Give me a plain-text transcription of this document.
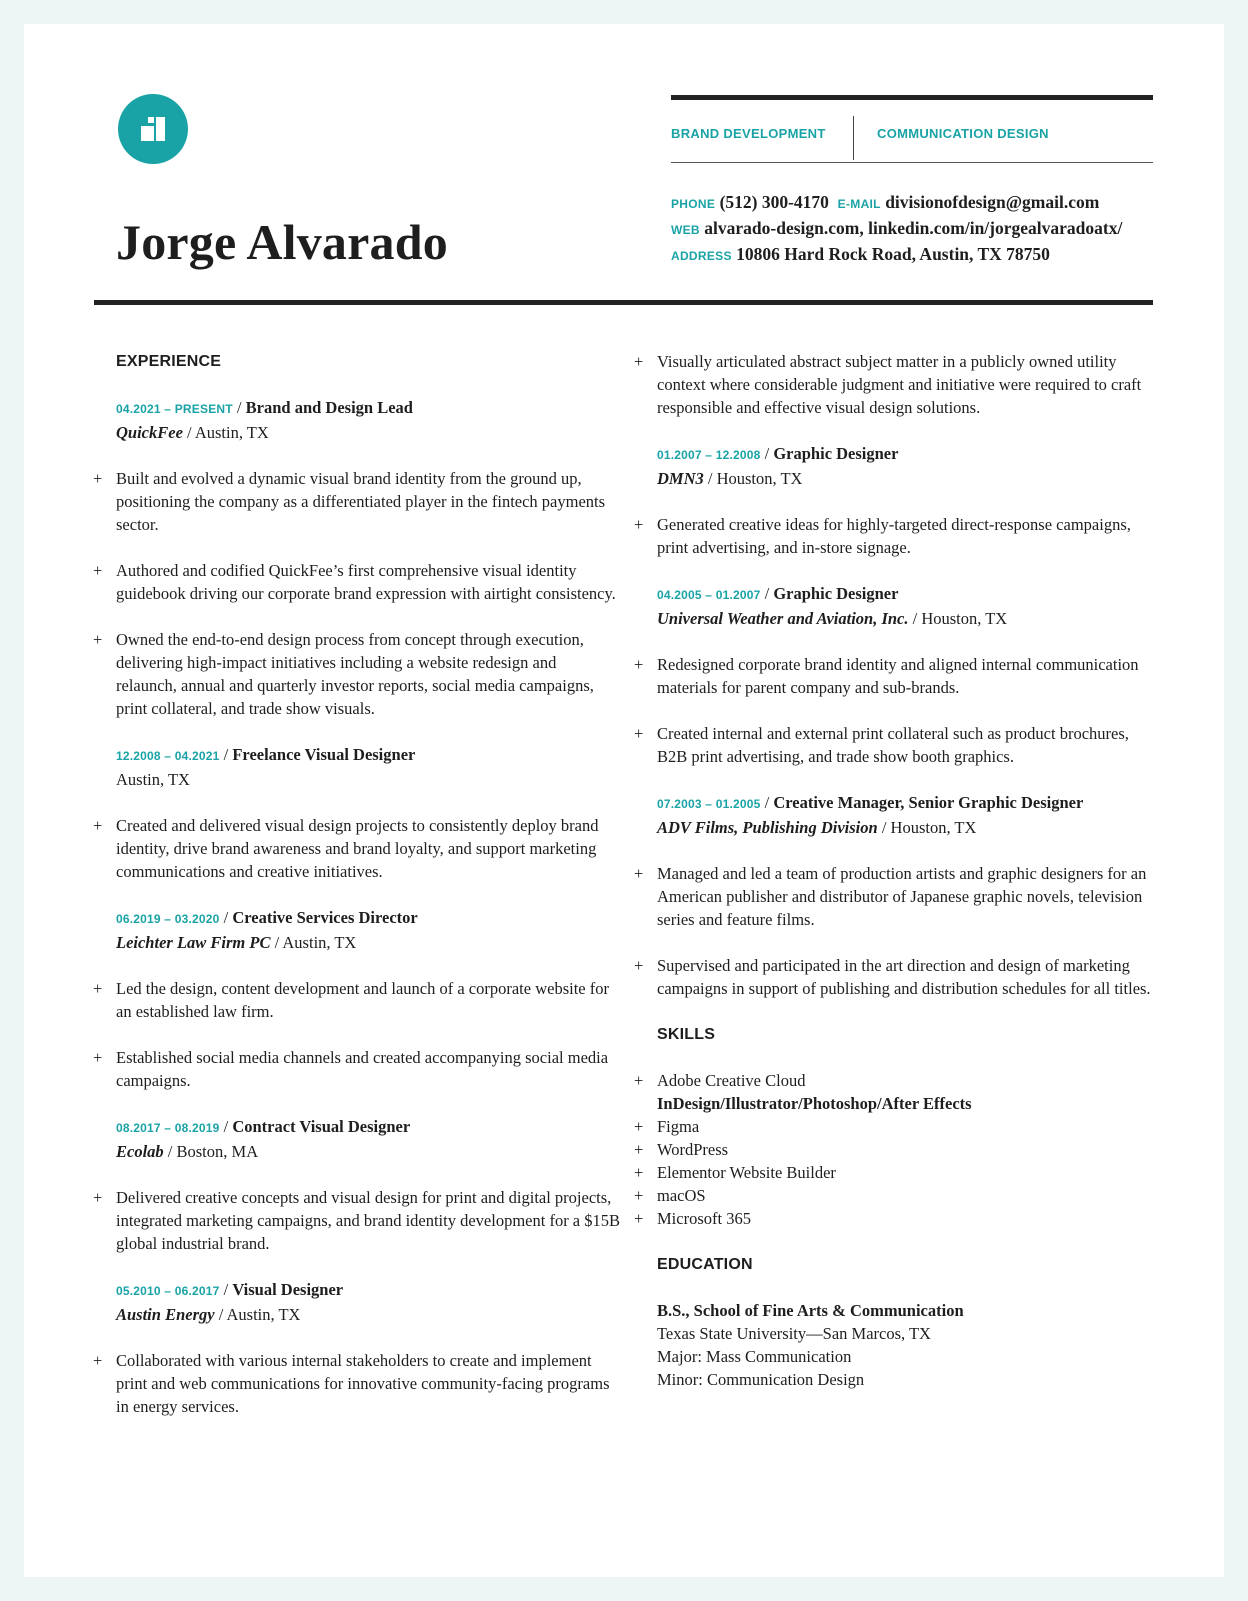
Jorge Alvarado
BRAND DEVELOPMENT	COMMUNICATION DESIGN
PHONE (512) 300-4170 E-MAIL divisionofdesign@gmail.com
WEB alvarado-design.com, linkedin.com/in/jorgealvaradoatx/
ADDRESS 10806 Hard Rock Road, Austin, TX 78750
EXPERIENCE
04.2021 – PRESENT / Brand and Design Lead
QuickFee / Austin, TX
+ Built and evolved a dynamic visual brand identity from the ground up, positioning the company as a differentiated player in the fintech payments sector.
+ Authored and codified QuickFee’s first comprehensive visual identity guidebook driving our corporate brand expression with airtight consistency.
+ Owned the end-to-end design process from concept through execution, delivering high-impact initiatives including a website redesign and relaunch, annual and quarterly investor reports, social media campaigns, print collateral, and trade show visuals.
12.2008 – 04.2021 / Freelance Visual Designer
Austin, TX
+ Created and delivered visual design projects to consistently deploy brand identity, drive brand awareness and brand loyalty, and support marketing communications and creative initiatives.
06.2019 – 03.2020 / Creative Services Director
Leichter Law Firm PC / Austin, TX
+ Led the design, content development and launch of a corporate website for an established law firm.
+ Established social media channels and created accompanying social media campaigns.
08.2017 – 08.2019 / Contract Visual Designer
Ecolab / Boston, MA
+ Delivered creative concepts and visual design for print and digital projects, integrated marketing campaigns, and brand identity development for a $15B global industrial brand.
05.2010 – 06.2017 / Visual Designer
Austin Energy / Austin, TX
+ Collaborated with various internal stakeholders to create and implement print and web communications for innovative community-facing programs in energy services.
+ Visually articulated abstract subject matter in a publicly owned utility context where considerable judgment and initiative were required to craft responsible and effective visual design solutions.
01.2007 – 12.2008 / Graphic Designer
DMN3 / Houston, TX
+ Generated creative ideas for highly-targeted direct-response campaigns, print advertising, and in-store signage.
04.2005 – 01.2007 / Graphic Designer
Universal Weather and Aviation, Inc. / Houston, TX
+ Redesigned corporate brand identity and aligned internal communication materials for parent company and sub-brands.
+ Created internal and external print collateral such as product brochures, B2B print advertising, and trade show booth graphics.
07.2003 – 01.2005 / Creative Manager, Senior Graphic Designer
ADV Films, Publishing Division / Houston, TX
+ Managed and led a team of production artists and graphic designers for an American publisher and distributor of Japanese graphic novels, television series and feature films.
+ Supervised and participated in the art direction and design of marketing campaigns in support of publishing and distribution schedules for all titles.
SKILLS
+ Adobe Creative Cloud
InDesign/Illustrator/Photoshop/After Effects
+ Figma
+ WordPress
+ Elementor Website Builder
+ macOS
+ Microsoft 365
EDUCATION
B.S., School of Fine Arts & Communication
Texas State University—San Marcos, TX
Major: Mass Communication
Minor: Communication Design
